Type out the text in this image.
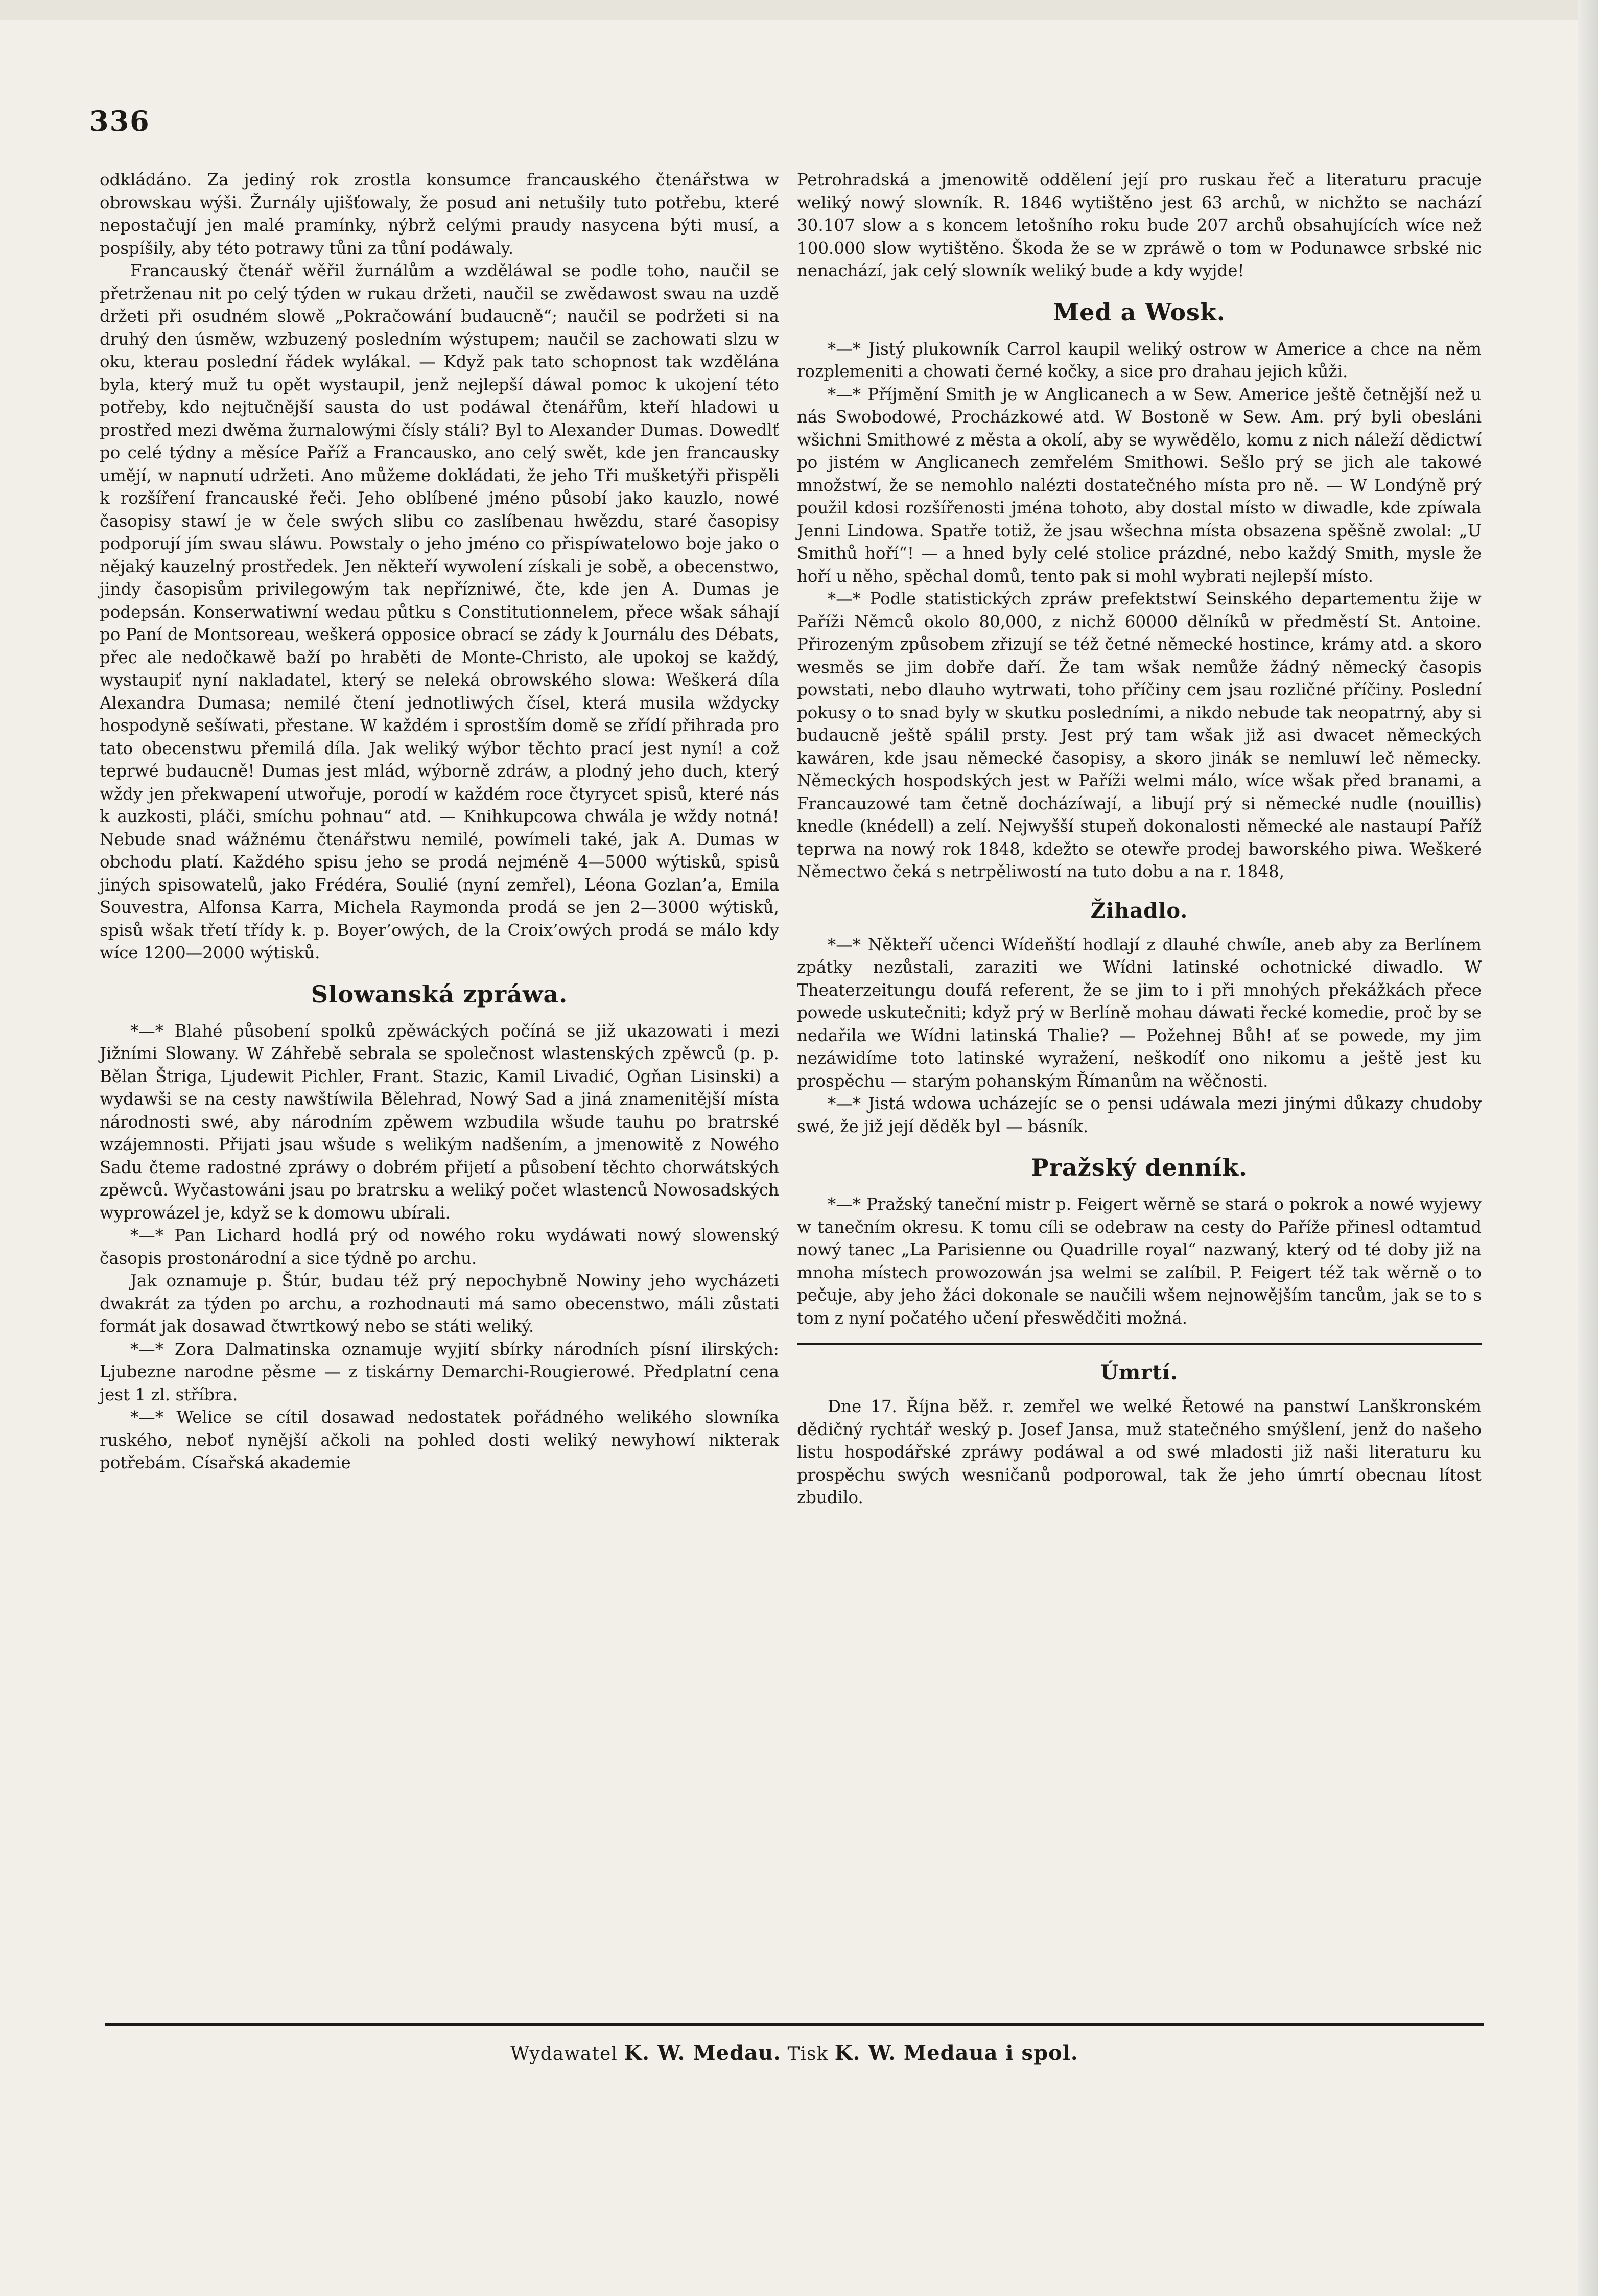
336

odkládáno. Za jediný rok zrostla konsumce francauského čtenářstwa w obrowskau wýši. Žurnály ujišťowaly, že posud ani netušily tuto potřebu, které nepostačují jen malé pramínky, nýbrž celými praudy nasycena býti musí, a pospíšily, aby této potrawy tůni za tůní podáwaly.

Francauský čtenář wěřil žurnálům a wzděláwal se podle toho, naučil se přetrženau nit po celý týden w rukau držeti, naučil se zwědawost swau na uzdě držeti při osudném slowě „Pokračowání budaucně“; naučil se podržeti si na druhý den úsměw, wzbuzený posledním wýstupem; naučil se zachowati slzu w oku, kterau poslední řádek wylákal. — Když pak tato schopnost tak wzdělána byla, který muž tu opět wystaupil, jenž nejlepší dáwal pomoc k ukojení této potřeby, kdo nejtučnější sausta do ust podáwal čtenářům, kteří hladowi u prostřed mezi dwěma žurnalowými čísly stáli? Byl to Alexander Dumas. Dowedlť po celé týdny a měsíce Paříž a Francausko, ano celý swět, kde jen francausky umějí, w napnutí udržeti. Ano můžeme dokládati, že jeho Tři mušketýři přispěli k rozšíření francauské řeči. Jeho oblíbené jméno působí jako kauzlo, nowé časopisy stawí je w čele swých slibu co zaslíbenau hwězdu, staré časopisy podporují jím swau sláwu. Powstaly o jeho jméno co přispíwatelowo boje jako o nějaký kauzelný prostředek. Jen někteří wywolení získali je sobě, a obecenstwo, jindy časopisům privilegowým tak nepřízniwé, čte, kde jen A. Dumas je podepsán. Konserwatiwní wedau půtku s Constitutionnelem, přece wšak sáhají po Paní de Montsoreau, weškerá opposice obrací se zády k Journálu des Débats, přec ale nedočkawě baží po hraběti de Monte-Christo, ale upokoj se každý, wystaupiť nyní nakladatel, který se neleká obrowského slowa: Weškerá díla Alexandra Dumasa; nemilé čtení jednotliwých čísel, která musila wždycky hospodyně sešíwati, přestane. W každém i sprostším domě se zřídí přihrada pro tato obecenstwu přemilá díla. Jak weliký wýbor těchto prací jest nyní! a což teprwé budaucně! Dumas jest mlád, wýborně zdráw, a plodný jeho duch, který wždy jen překwapení utwořuje, porodí w každém roce čtyrycet spisů, které nás k auzkosti, pláči, smíchu pohnau“ atd. — Knihkupcowa chwála je wždy notná! Nebude snad wážnému čtenářstwu nemilé, powímeli také, jak A. Dumas w obchodu platí. Každého spisu jeho se prodá nejméně 4—5000 wýtisků, spisů jiných spisowatelů, jako Frédéra, Soulié (nyní zemřel), Léona Gozlan’a, Emila Souvestra, Alfonsa Karra, Michela Raymonda prodá se jen 2—3000 wýtisků, spisů wšak třetí třídy k. p. Boyer’owých, de la Croix’owých prodá se málo kdy wíce 1200—2000 wýtisků.

Slowanská zpráwa.

*—* Blahé působení spolků zpěwáckých počíná se již ukazowati i mezi Jižními Slowany. W Záhřebě sebrala se společnost wlastenských zpěwců (p. p. Bělan Štriga, Ljudewit Pichler, Frant. Stazic, Kamil Livadić, Ogňan Lisinski) a wydawši se na cesty nawštíwila Bělehrad, Nowý Sad a jiná znamenitější místa národnosti swé, aby národním zpěwem wzbudila wšude tauhu po bratrské wzájemnosti. Přijati jsau wšude s welikým nadšením, a jmenowitě z Nowého Sadu čteme radostné zpráwy o dobrém přijetí a působení těchto chorwátských zpěwců. Wyčastowáni jsau po bratrsku a weliký počet wlastenců Nowosadských wyprowázel je, když se k domowu ubírali.

*—* Pan Lichard hodlá prý od nowého roku wydáwati nowý slowenský časopis prostonárodní a sice týdně po archu.

Jak oznamuje p. Štúr, budau též prý nepochybně Nowiny jeho wycházeti dwakrát za týden po archu, a rozhodnauti má samo obecenstwo, máli zůstati formát jak dosawad čtwrtkowý nebo se státi weliký.

*—* Zora Dalmatinska oznamuje wyjití sbírky národních písní ilirských: Ljubezne narodne pěsme — z tiskárny Demarchi-Rougierowé. Předplatní cena jest 1 zl. stříbra.

*—* Welice se cítil dosawad nedostatek pořádného welikého slowníka ruského, neboť nynější ačkoli na pohled dosti weliký newyhowí nikterak potřebám. Císařská akademie

Petrohradská a jmenowitě oddělení její pro ruskau řeč a literaturu pracuje weliký nowý slowník. R. 1846 wytištěno jest 63 archů, w nichžto se nachází 30.107 slow a s koncem letošního roku bude 207 archů obsahujících wíce než 100.000 slow wytištěno. Škoda že se w zpráwě o tom w Podunawce srbské nic nenachází, jak celý slowník weliký bude a kdy wyjde!

Med a Wosk.

*—* Jistý plukowník Carrol kaupil weliký ostrow w Americe a chce na něm rozplemeniti a chowati černé kočky, a sice pro drahau jejich kůži.

*—* Příjmění Smith je w Anglicanech a w Sew. Americe ještě četnější než u nás Swobodowé, Procházkowé atd. W Bostoně w Sew. Am. prý byli obesláni wšichni Smithowé z města a okolí, aby se wywědělo, komu z nich náleží dědictwí po jistém w Anglicanech zemřelém Smithowi. Sešlo prý se jich ale takowé množstwí, že se nemohlo nalézti dostatečného místa pro ně. — W Londýně prý použil kdosi rozšířenosti jména tohoto, aby dostal místo w diwadle, kde zpíwala Jenni Lindowa. Spatře totiž, že jsau wšechna místa obsazena spěšně zwolal: „U Smithů hoří“! — a hned byly celé stolice prázdné, nebo každý Smith, mysle že hoří u něho, spěchal domů, tento pak si mohl wybrati nejlepší místo.

*—* Podle statistických zpráw prefektstwí Seinského departementu žije w Paříži Němců okolo 80,000, z nichž 60000 dělníků w předměstí St. Antoine. Přirozeným způsobem zřizují se též četné německé hostince, krámy atd. a skoro wesměs se jim dobře daří. Že tam wšak nemůže žádný německý časopis powstati, nebo dlauho wytrwati, toho příčiny cem jsau rozličné příčiny. Poslední pokusy o to snad byly w skutku posledními, a nikdo nebude tak neopatrný, aby si budaucně ještě spálil prsty. Jest prý tam wšak již asi dwacet německých kawáren, kde jsau německé časopisy, a skoro jinák se nemluwí leč německy. Německých hospodských jest w Paříži welmi málo, wíce wšak před branami, a Francauzowé tam četně docházíwají, a libují prý si německé nudle (nouillis) knedle (knédell) a zelí. Nejwyšší stupeň dokonalosti německé ale nastaupí Paříž teprwa na nowý rok 1848, kdežto se otewře prodej baworského piwa. Weškeré Němectwo čeká s netrpěliwostí na tuto dobu a na r. 1848,

Žihadlo.

*—* Někteří učenci Wídeňští hodlají z dlauhé chwíle, aneb aby za Berlínem zpátky nezůstali, zaraziti we Wídni latinské ochotnické diwadlo. W Theaterzeitungu doufá referent, že se jim to i při mnohých překážkách přece powede uskutečniti; když prý w Berlíně mohau dáwati řecké komedie, proč by se nedařila we Wídni latinská Thalie? — Požehnej Bůh! ať se powede, my jim nezáwidíme toto latinské wyražení, neškodíť ono nikomu a ještě jest ku prospěchu — starým pohanským Římanům na wěčnosti.

*—* Jistá wdowa ucházejíc se o pensi udáwala mezi jinými důkazy chudoby swé, že již její děděk byl — básník.

Pražský denník.

*—* Pražský taneční mistr p. Feigert wěrně se stará o pokrok a nowé wyjewy w tanečním okresu. K tomu cíli se odebraw na cesty do Paříže přinesl odtamtud nowý tanec „La Parisienne ou Quadrille royal“ nazwaný, který od té doby již na mnoha místech prowozowán jsa welmi se zalíbil. P. Feigert též tak wěrně o to pečuje, aby jeho žáci dokonale se naučili wšem nejnowějším tancům, jak se to s tom z nyní počatého učení přeswědčiti možná.

Úmrtí.

Dne 17. Října běž. r. zemřel we welké Řetowé na panstwí Lanškronském dědičný rychtář weský p. Josef Jansa, muž statečného smýšlení, jenž do našeho listu hospodářské zpráwy podáwal a od swé mladosti již naši literaturu ku prospěchu swých wesničanů podporowal, tak že jeho úmrtí obecnau lítost zbudilo.

Wydawatel K. W. Medau. Tisk K. W. Medaua i spol.
